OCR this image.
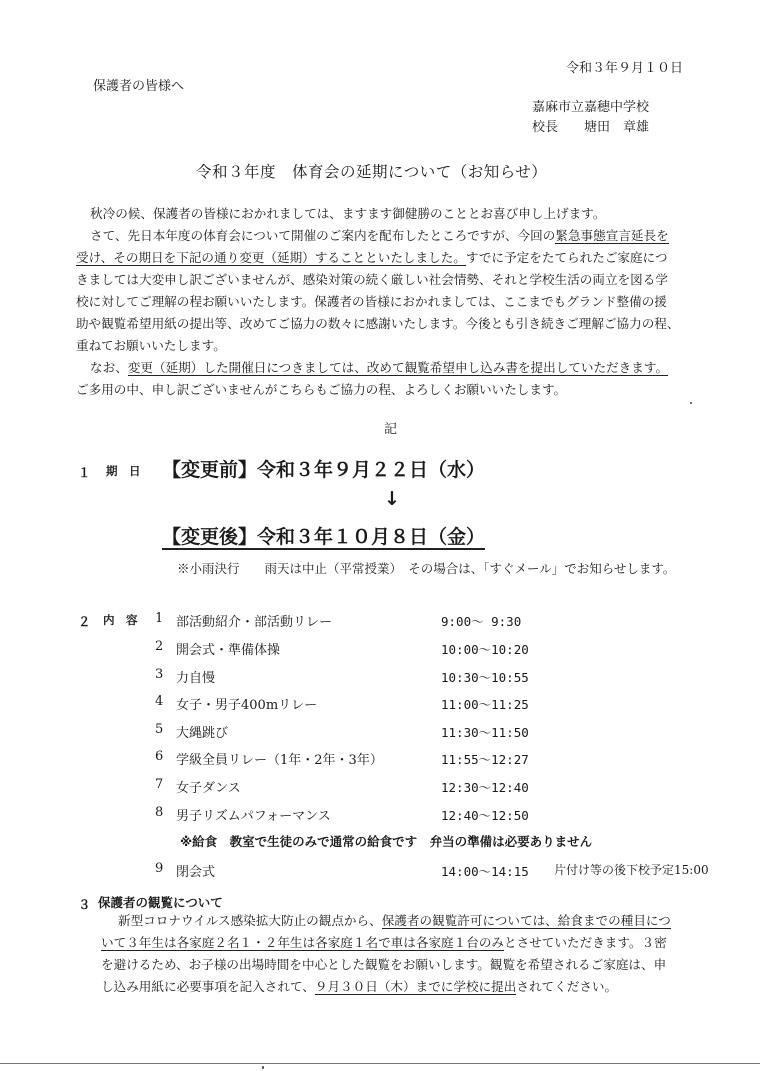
令和３年９月１０日
保護者の皆様へ
嘉麻市立嘉穂中学校
校長　　塘田　章雄
令和３年度　体育会の延期について（お知らせ）
秋冷の候、保護者の皆様におかれましては、ますます御健勝のこととお喜び申し上げます。
さて、先日本年度の体育会について開催のご案内を配布したところですが、今回の緊急事態宣言延長を
受け、その期日を下記の通り変更（延期）することといたしました。すでに予定をたてられたご家庭につ
きましては大変申し訳ございませんが、感染対策の続く厳しい社会情勢、それと学校生活の両立を図る学
校に対してご理解の程お願いいたします。保護者の皆様におかれましては、ここまでもグランド整備の援
助や観覧希望用紙の提出等、改めてご協力の数々に感謝いたします。今後とも引き続きご理解ご協力の程、
重ねてお願いいたします。
なお、変更（延期）した開催日につきましては、改めて観覧希望申し込み書を提出していただきます。
ご多用の中、申し訳ございませんがこちらもご協力の程、よろしくお願いいたします。
記
１ 期　日 【変更前】令和３年９月２２日（水）
↓
【変更後】令和３年１０月８日（金）
※小雨決行　　雨天は中止（平常授業）　その場合は、「すぐメール」でお知らせします。
２ 内　容 1 部活動紹介・部活動リレー	9:00～ 9:30
2 開会式・準備体操	10:00～10:20
3 力自慢	10:30～10:55
4 女子・男子400mリレー	11:00～11:25
5 大縄跳び	11:30～11:50
6 学級全員リレー（1年・2年・3年）	11:55～12:27
7 女子ダンス	12:30～12:40
8 男子リズムパフォーマンス	12:40～12:50
※給食　教室で生徒のみで通常の給食です　弁当の準備は必要ありません
9 閉会式	14:00～14:15 片付け等の後下校予定15:00
３ 保護者の観覧について
新型コロナウイルス感染拡大防止の観点から、保護者の観覧許可については、給食までの種目につ
いて３年生は各家庭２名１・２年生は各家庭１名で車は各家庭１台のみとさせていただきます。３密
を避けるため、お子様の出場時間を中心とした観覧をお願いします。観覧を希望されるご家庭は、申
し込み用紙に必要事項を記入されて、９月３０日（木）までに学校に提出されてください。
